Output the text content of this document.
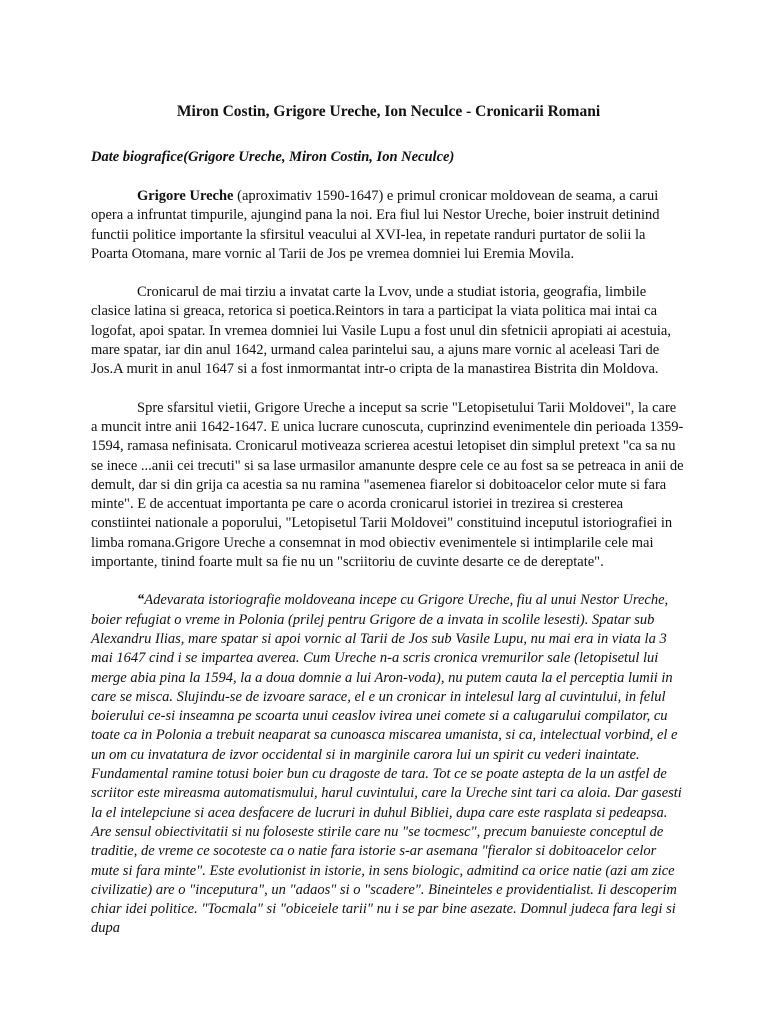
Miron Costin, Grigore Ureche, Ion Neculce - Cronicarii Romani
Date biografice(Grigore Ureche, Miron Costin, Ion Neculce)

Grigore Ureche (aproximativ 1590-1647) e primul cronicar moldovean de seama, a carui opera a infruntat timpurile, ajungind pana la noi. Era fiul lui Nestor Ureche, boier instruit detinind functii politice importante la sfirsitul veacului al XVI-lea, in repetate randuri purtator de solii la Poarta Otomana, mare vornic al Tarii de Jos pe vremea domniei lui Eremia Movila.

Cronicarul de mai tirziu a invatat carte la Lvov, unde a studiat istoria, geografia, limbile clasice latina si greaca, retorica si poetica.Reintors in tara a participat la viata politica mai intai ca logofat, apoi spatar. In vremea domniei lui Vasile Lupu a fost unul din sfetnicii apropiati ai acestuia, mare spatar, iar din anul 1642, urmand calea parintelui sau, a ajuns mare vornic al aceleasi Tari de Jos.A murit in anul 1647 si a fost inmormantat intr-o cripta de la manastirea Bistrita din Moldova.

Spre sfarsitul vietii, Grigore Ureche a inceput sa scrie "Letopisetului Tarii Moldovei", la care a muncit intre anii 1642-1647. E unica lucrare cunoscuta, cuprinzind evenimentele din perioada 1359-1594, ramasa nefinisata. Cronicarul motiveaza scrierea acestui letopiset din simplul pretext "ca sa nu se inece ...anii cei trecuti" si sa lase urmasilor amanunte despre cele ce au fost sa se petreaca in anii de demult, dar si din grija ca acestia sa nu ramina "asemenea fiarelor si dobitoacelor celor mute si fara minte". E de accentuat importanta pe care o acorda cronicarul istoriei in trezirea si cresterea constiintei nationale a poporului, "Letopisetul Tarii Moldovei" constituind inceputul istoriografiei in limba romana.Grigore Ureche a consemnat in mod obiectiv evenimentele si intimplarile cele mai importante, tinind foarte mult sa fie nu un "scriitoriu de cuvinte desarte ce de dereptate".

“Adevarata istoriografie moldoveana incepe cu Grigore Ureche, fiu al unui Nestor Ureche, boier refugiat o vreme in Polonia (prilej pentru Grigore de a invata in scolile lesesti). Spatar sub Alexandru Ilias, mare spatar si apoi vornic al Tarii de Jos sub Vasile Lupu, nu mai era in viata la 3 mai 1647 cind i se impartea averea. Cum Ureche n-a scris cronica vremurilor sale (letopisetul lui merge abia pina la 1594, la a doua domnie a lui Aron-voda), nu putem cauta la el perceptia lumii in care se misca. Slujindu-se de izvoare sarace, el e un cronicar in intelesul larg al cuvintului, in felul boierului ce-si inseamna pe scoarta unui ceaslov ivirea unei comete si a calugarului compilator, cu toate ca in Polonia a trebuit neaparat sa cunoasca miscarea umanista, si ca, intelectual vorbind, el e un om cu invatatura de izvor occidental si in marginile carora lui un spirit cu vederi inaintate. Fundamental ramine totusi boier bun cu dragoste de tara. Tot ce se poate astepta de la un astfel de scriitor este mireasma automatismului, harul cuvintului, care la Ureche sint tari ca aloia. Dar gasesti la el intelepciune si acea desfacere de lucruri in duhul Bibliei, dupa care este rasplata si pedeapsa. Are sensul obiectivitatii si nu foloseste stirile care nu "se tocmesc", precum banuieste conceptul de traditie, de vreme ce socoteste ca o natie fara istorie s-ar asemana "fieralor si dobitoacelor celor mute si fara minte". Este evolutionist in istorie, in sens biologic, admitind ca orice natie (azi am zice civilizatie) are o "inceputura", un "adaos" si o "scadere". Bineinteles e providentialist. Ii descoperim chiar idei politice. "Tocmala" si "obiceiele tarii" nu i se par bine asezate. Domnul judeca fara legi si dupa
